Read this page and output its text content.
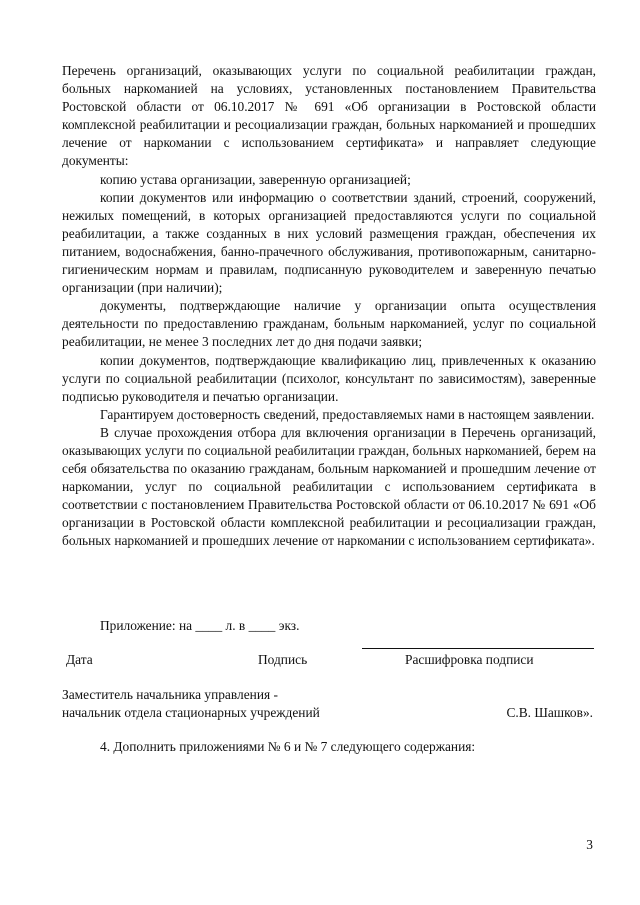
Перечень организаций, оказывающих услуги по социальной реабилитации граждан, больных наркоманией на условиях, установленных постановлением Правительства Ростовской области от 06.10.2017 № 691 «Об организации в Ростовской области комплексной реабилитации и ресоциализации граждан, больных наркоманией и прошедших лечение от наркомании с использованием сертификата» и направляет следующие документы:

копию устава организации, заверенную организацией;

копии документов или информацию о соответствии зданий, строений, сооружений, нежилых помещений, в которых организацией предоставляются услуги по социальной реабилитации, а также созданных в них условий размещения граждан, обеспечения их питанием, водоснабжения, банно-прачечного обслуживания, противопожарным, санитарно-гигиеническим нормам и правилам, подписанную руководителем и заверенную печатью организации (при наличии);

документы, подтверждающие наличие у организации опыта осуществления деятельности по предоставлению гражданам, больным наркоманией, услуг по социальной реабилитации, не менее 3 последних лет до дня подачи заявки;

копии документов, подтверждающие квалификацию лиц, привлеченных к оказанию услуги по социальной реабилитации (психолог, консультант по зависимостям), заверенные подписью руководителя и печатью организации.

Гарантируем достоверность сведений, предоставляемых нами в настоящем заявлении.

В случае прохождения отбора для включения организации в Перечень организаций, оказывающих услуги по социальной реабилитации граждан, больных наркоманией, берем на себя обязательства по оказанию гражданам, больным наркоманией и прошедшим лечение от наркомании, услуг по социальной реабилитации с использованием сертификата в соответствии с постановлением Правительства Ростовской области от 06.10.2017 № 691 «Об организации в Ростовской области комплексной реабилитации и ресоциализации граждан, больных наркоманией и прошедших лечение от наркомании с использованием сертификата».

Приложение: на ____ л. в ____ экз.
Дата	Подпись	Расшифровка подписи
Заместитель начальника управления -
начальник отдела стационарных учреждений	С.В. Шашков».
4. Дополнить приложениями № 6 и № 7 следующего содержания:
3
